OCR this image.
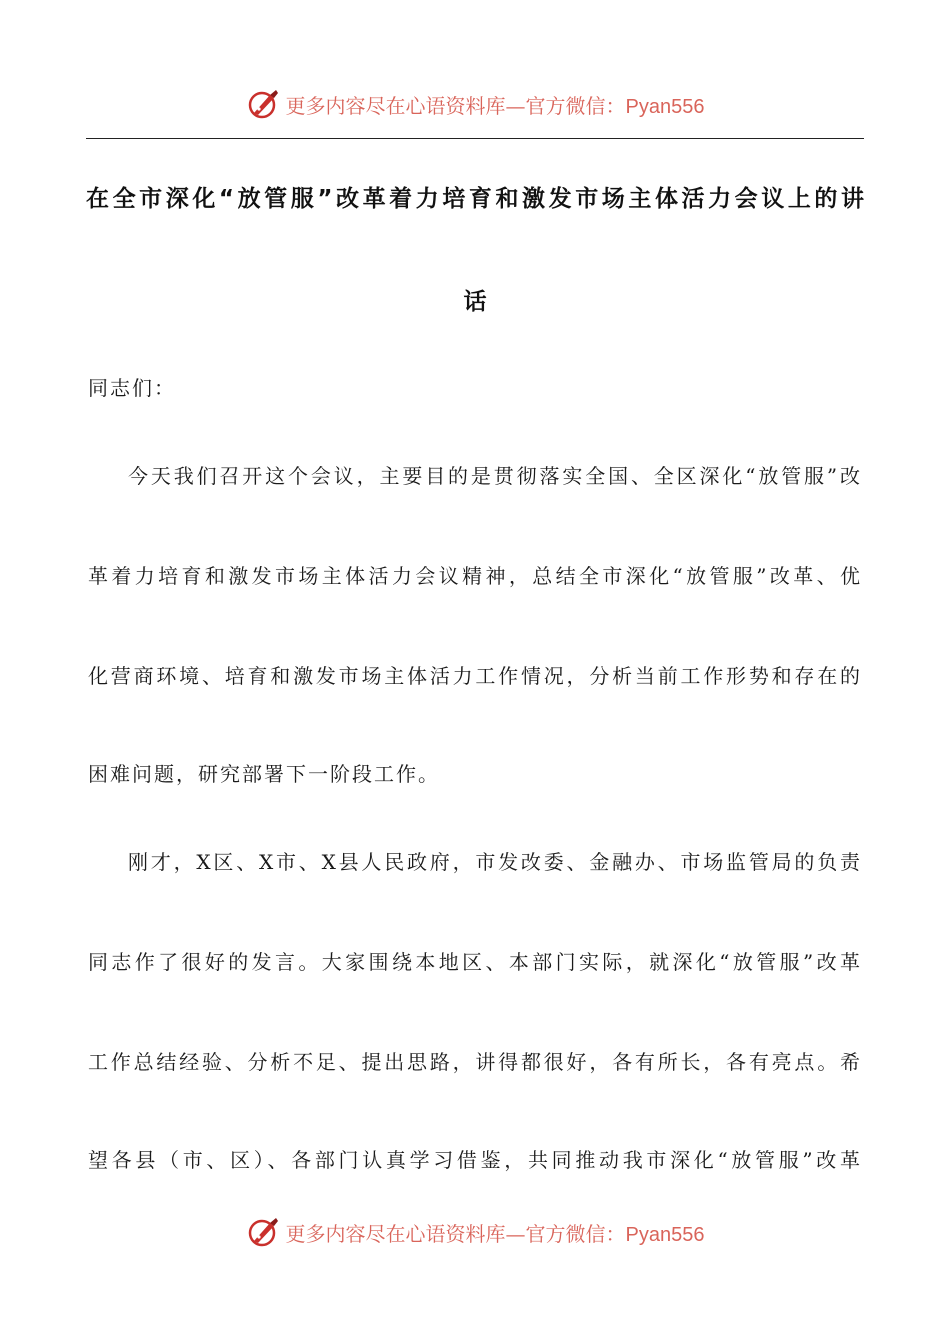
更多内容尽在心语资料库—官方微信：Pyan556
在全市深化“放管服”改革着力培育和激发市场主体活力会议上的讲
话
同志们：
今天我们召开这个会议，主要目的是贯彻落实全国、全区深化“放管服”改
革着力培育和激发市场主体活力会议精神，总结全市深化“放管服”改革、优
化营商环境、培育和激发市场主体活力工作情况，分析当前工作形势和存在的
困难问题，研究部署下一阶段工作。
刚才，X区、X市、X县人民政府，市发改委、金融办、市场监管局的负责
同志作了很好的发言。大家围绕本地区、本部门实际，就深化“放管服”改革
工作总结经验、分析不足、提出思路，讲得都很好，各有所长，各有亮点。希
望各县（市、区）、各部门认真学习借鉴，共同推动我市深化“放管服”改革
更多内容尽在心语资料库—官方微信：Pyan556
